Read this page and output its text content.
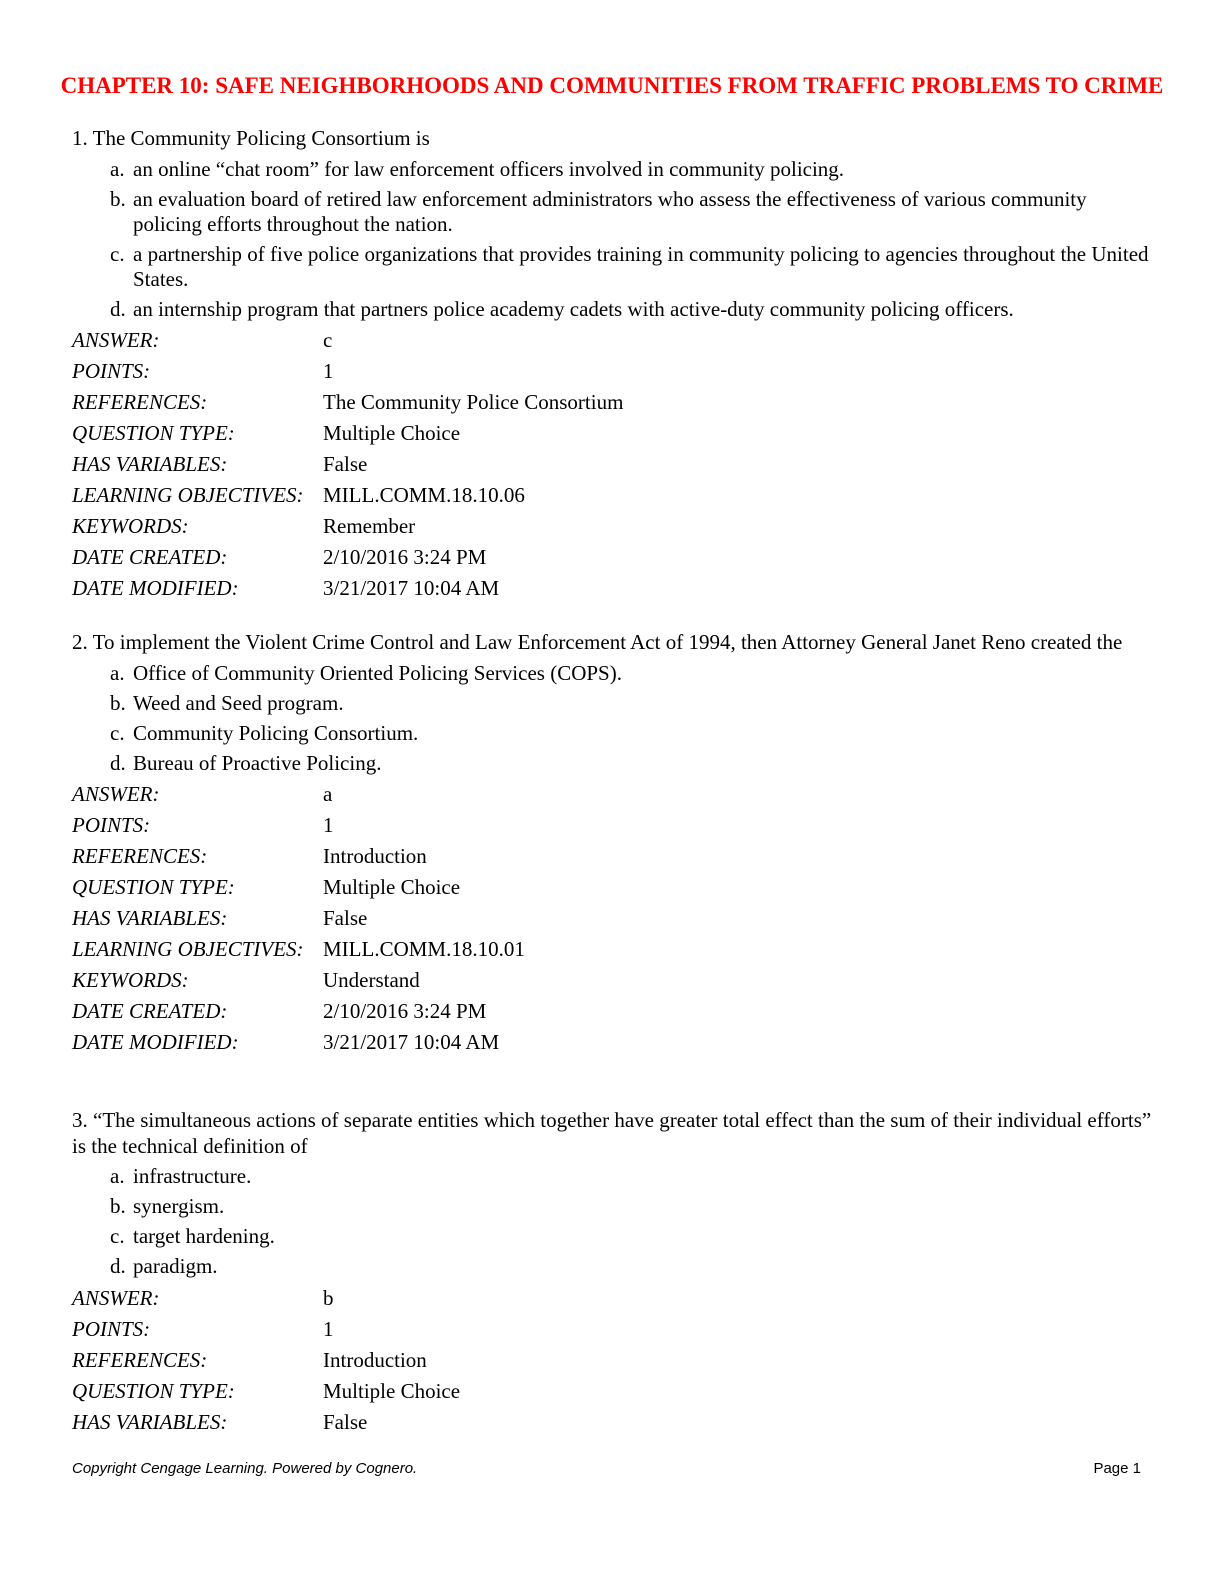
CHAPTER 10: SAFE NEIGHBORHOODS AND COMMUNITIES FROM TRAFFIC PROBLEMS TO CRIME

1. The Community Policing Consortium is

a. an online “chat room” for law enforcement officers involved in community policing.
b. an evaluation board of retired law enforcement administrators who assess the effectiveness of various community policing efforts throughout the nation.
c. a partnership of five police organizations that provides training in community policing to agencies throughout the United States.
d. an internship program that partners police academy cadets with active-duty community policing officers.
ANSWER:	c
POINTS:	1
REFERENCES:	The Community Police Consortium
QUESTION TYPE:	Multiple Choice
HAS VARIABLES:	False
LEARNING OBJECTIVES:	MILL.COMM.18.10.06
KEYWORDS:	Remember
DATE CREATED:	2/10/2016 3:24 PM
DATE MODIFIED:	3/21/2017 10:04 AM

2. To implement the Violent Crime Control and Law Enforcement Act of 1994, then Attorney General Janet Reno created the

a. Office of Community Oriented Policing Services (COPS).
b. Weed and Seed program.
c. Community Policing Consortium.
d. Bureau of Proactive Policing.
ANSWER:	a
POINTS:	1
REFERENCES:	Introduction
QUESTION TYPE:	Multiple Choice
HAS VARIABLES:	False
LEARNING OBJECTIVES:	MILL.COMM.18.10.01
KEYWORDS:	Understand
DATE CREATED:	2/10/2016 3:24 PM
DATE MODIFIED:	3/21/2017 10:04 AM

3. “The simultaneous actions of separate entities which together have greater total effect than the sum of their individual efforts” is the technical definition of

a. infrastructure.
b. synergism.
c. target hardening.
d. paradigm.
ANSWER:	b
POINTS:	1
REFERENCES:	Introduction
QUESTION TYPE:	Multiple Choice
HAS VARIABLES:	False
Copyright Cengage Learning. Powered by Cognero.	Page 1
